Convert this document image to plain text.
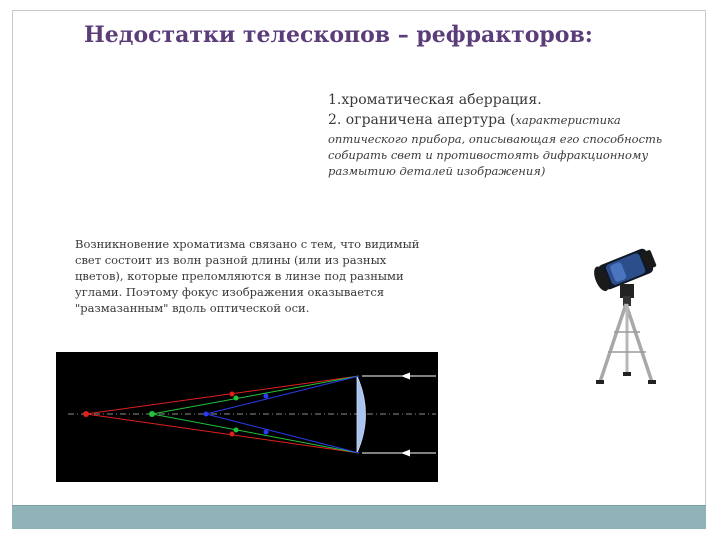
Недостатки телескопов – рефракторов:

1.хроматическая аберрация.

2. ограничена апертура (характеристика

оптического прибора, описывающая его способность собирать свет и противостоять дифракционному размытию деталей изображения)

Возникновение хроматизма связано с тем, что видимый свет состоит из волн разной длины (или из разных цветов), которые преломляются в линзе под разными углами. Поэтому фокус изображения оказывается "размазанным" вдоль оптической оси.
